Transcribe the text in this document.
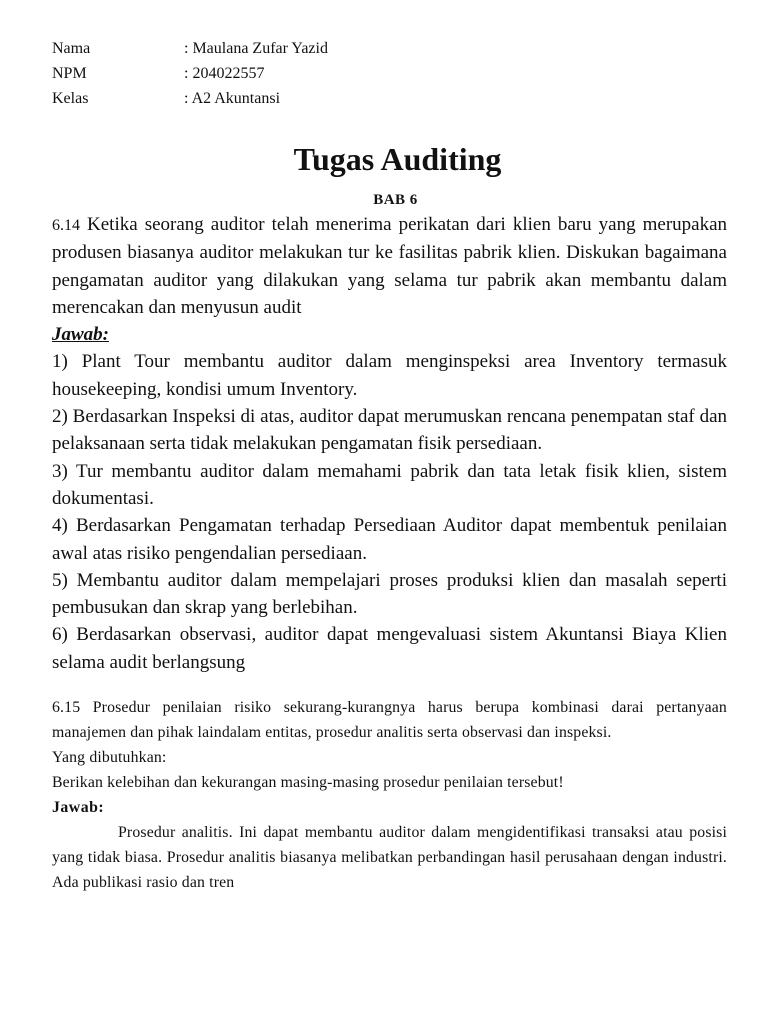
Nama	: Maulana Zufar Yazid
NPM	: 204022557
Kelas	: A2 Akuntansi
Tugas Auditing
BAB 6

6.14 Ketika seorang auditor telah menerima perikatan dari klien baru yang merupakan produsen biasanya auditor melakukan tur ke fasilitas pabrik klien. Diskukan bagaimana pengamatan auditor yang dilakukan yang selama tur pabrik akan membantu dalam merencakan dan menyusun audit

Jawab:

1) Plant Tour membantu auditor dalam menginspeksi area Inventory termasuk housekeeping, kondisi umum Inventory.

2) Berdasarkan Inspeksi di atas, auditor dapat merumuskan rencana penempatan staf dan pelaksanaan serta tidak melakukan pengamatan fisik persediaan.

3) Tur membantu auditor dalam memahami pabrik dan tata letak fisik klien, sistem dokumentasi.

4) Berdasarkan Pengamatan terhadap Persediaan Auditor dapat membentuk penilaian awal atas risiko pengendalian persediaan.

5) Membantu auditor dalam mempelajari proses produksi klien dan masalah seperti pembusukan dan skrap yang berlebihan.

6) Berdasarkan observasi, auditor dapat mengevaluasi sistem Akuntansi Biaya Klien selama audit berlangsung

6.15 Prosedur penilaian risiko sekurang-kurangnya harus berupa kombinasi darai pertanyaan manajemen dan pihak laindalam entitas, prosedur analitis serta observasi dan inspeksi.

Yang dibutuhkan:

Berikan kelebihan dan kekurangan masing-masing prosedur penilaian tersebut!

Jawab:

Prosedur analitis. Ini dapat membantu auditor dalam mengidentifikasi transaksi atau posisi yang tidak biasa. Prosedur analitis biasanya melibatkan perbandingan hasil perusahaan dengan industri. Ada publikasi rasio dan tren
